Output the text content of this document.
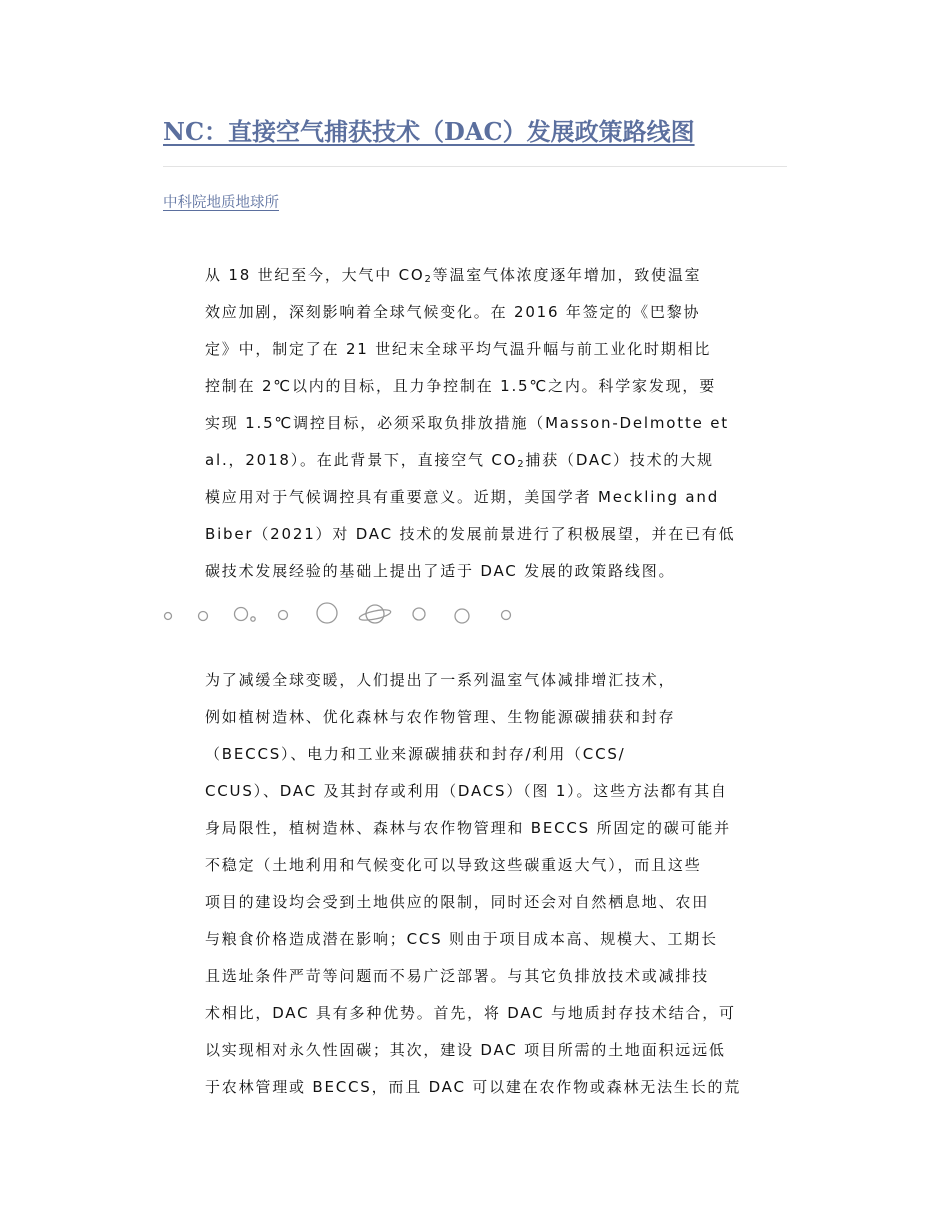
NC：直接空气捕获技术（DAC）发展政策路线图
中科院地质地球所

从 18 世纪至今，大气中 $CO_2$等温室气体浓度逐年增加，致使温室
效应加剧，深刻影响着全球气候变化。在 2016 年签定的《巴黎协
定》中，制定了在 21 世纪末全球平均气温升幅与前工业化时期相比
控制在 2℃以内的目标，且力争控制在 1.5℃之内。科学家发现，要
实现 1.5℃调控目标，必须采取负排放措施（Masson-Delmotte et
al.，2018）。在此背景下，直接空气 $CO_2$捕获（DAC）技术的大规
模应用对于气候调控具有重要意义。近期，美国学者 Meckling and
Biber（2021）对 DAC 技术的发展前景进行了积极展望，并在已有低
碳技术发展经验的基础上提出了适于 DAC 发展的政策路线图。

为了减缓全球变暖，人们提出了一系列温室气体减排增汇技术，
例如植树造林、优化森林与农作物管理、生物能源碳捕获和封存
（BECCS）、电力和工业来源碳捕获和封存/利用（CCS/
CCUS）、DAC 及其封存或利用（DACS）（图 1）。这些方法都有其自
身局限性，植树造林、森林与农作物管理和 BECCS 所固定的碳可能并
不稳定（土地利用和气候变化可以导致这些碳重返大气），而且这些
项目的建设均会受到土地供应的限制，同时还会对自然栖息地、农田
与粮食价格造成潜在影响；CCS 则由于项目成本高、规模大、工期长
且选址条件严苛等问题而不易广泛部署。与其它负排放技术或减排技
术相比，DAC 具有多种优势。首先，将 DAC 与地质封存技术结合，可
以实现相对永久性固碳；其次，建设 DAC 项目所需的土地面积远远低
于农林管理或 BECCS，而且 DAC 可以建在农作物或森林无法生长的荒
